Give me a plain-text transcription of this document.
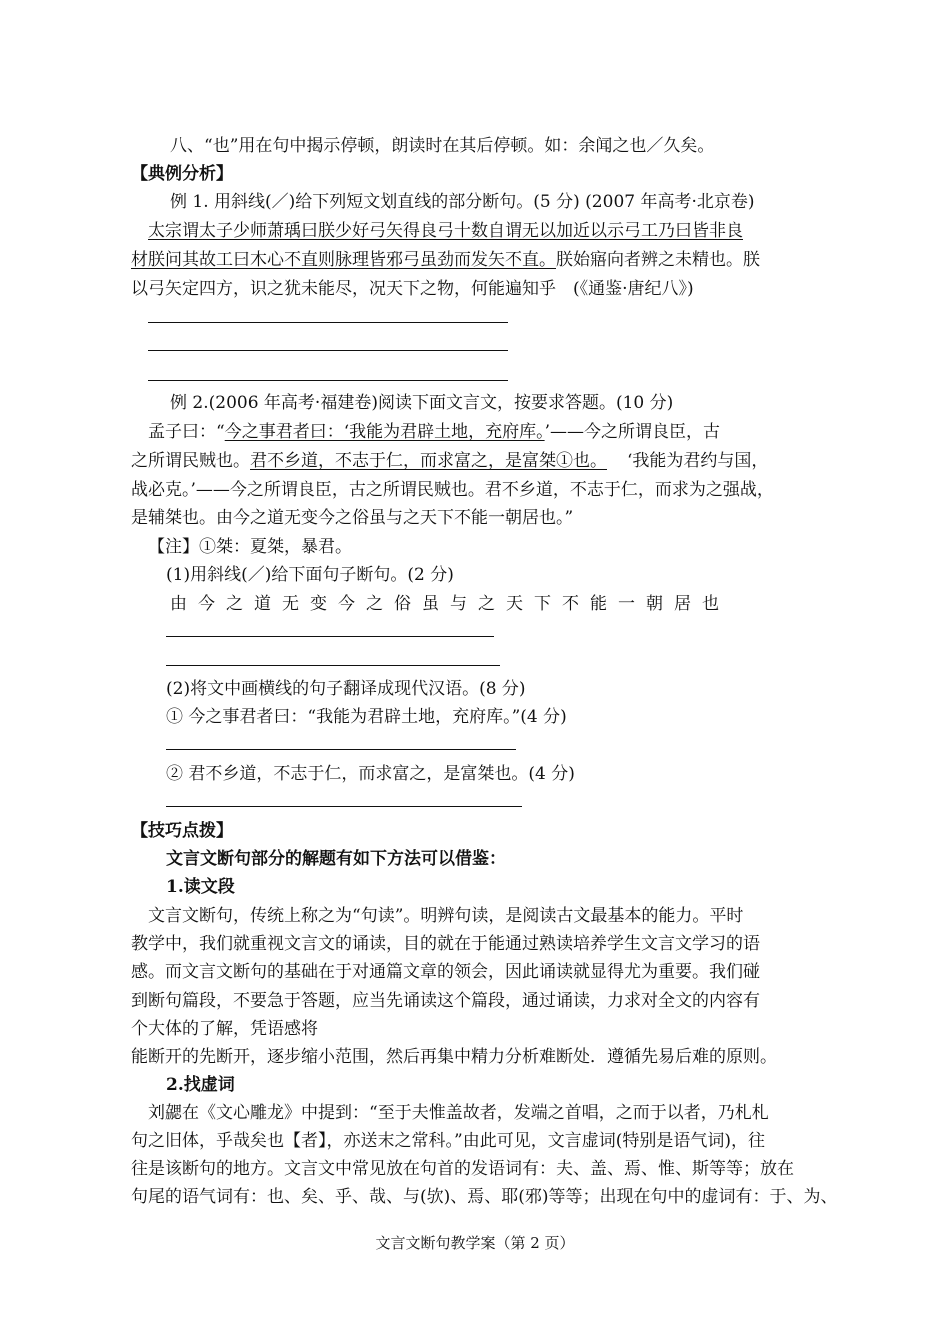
八、“也”用在句中揭示停顿，朗读时在其后停顿。如：余闻之也／久矣。
【典例分析】
例 1. 用斜线(／)给下列短文划直线的部分断句。(5 分) (2007 年高考·北京卷)
太宗谓太子少师萧瑀曰朕少好弓矢得良弓十数自谓无以加近以示弓工乃曰皆非良
材朕问其故工曰木心不直则脉理皆邪弓虽劲而发矢不直。朕始寤向者辨之未精也。朕
以弓矢定四方，识之犹未能尽，况天下之物，何能遍知乎　(《通鉴·唐纪八》)
例 2.(2006 年高考·福建卷)阅读下面文言文，按要求答题。(10 分)
孟子曰：“今之事君者曰：‘我能为君辟土地，充府库。’——今之所谓良臣，古
之所谓民贼也。君不乡道，不志于仁，而求富之，是富桀①也。 ‘我能为君约与国，
战必克。’——今之所谓良臣，古之所谓民贼也。君不乡道，不志于仁，而求为之强战，
是辅桀也。由今之道无变今之俗虽与之天下不能一朝居也。”
【注】①桀：夏桀，暴君。
(1)用斜线(／)给下面句子断句。(2 分)
由今之道无变今之俗虽与之天下不能一朝居也
(2)将文中画横线的句子翻译成现代汉语。(8 分)
① 今之事君者曰：“我能为君辟土地，充府库。”(4 分)
② 君不乡道，不志于仁，而求富之，是富桀也。(4 分)
【技巧点拨】
文言文断句部分的解题有如下方法可以借鉴：
1.读文段
文言文断句，传统上称之为“句读”。明辨句读，是阅读古文最基本的能力。平时
教学中，我们就重视文言文的诵读，目的就在于能通过熟读培养学生文言文学习的语
感。而文言文断句的基础在于对通篇文章的领会，因此诵读就显得尤为重要。我们碰
到断句篇段，不要急于答题，应当先诵读这个篇段，通过诵读，力求对全文的内容有
个大体的了解，凭语感将
能断开的先断开，逐步缩小范围，然后再集中精力分析难断处．遵循先易后难的原则。
2.找虚词
刘勰在《文心雕龙》中提到：“至于夫惟盖故者，发端之首唱，之而于以者，乃札札
句之旧体，乎哉矣也【者】，亦送末之常科。”由此可见，文言虚词(特别是语气词)，往
往是该断句的地方。文言文中常见放在句首的发语词有：夫、盖、焉、惟、斯等等；放在
句尾的语气词有：也、矣、乎、哉、与(欤)、焉、耶(邪)等等；出现在句中的虚词有：于、为、
文言文断句教学案（第 2 页）
